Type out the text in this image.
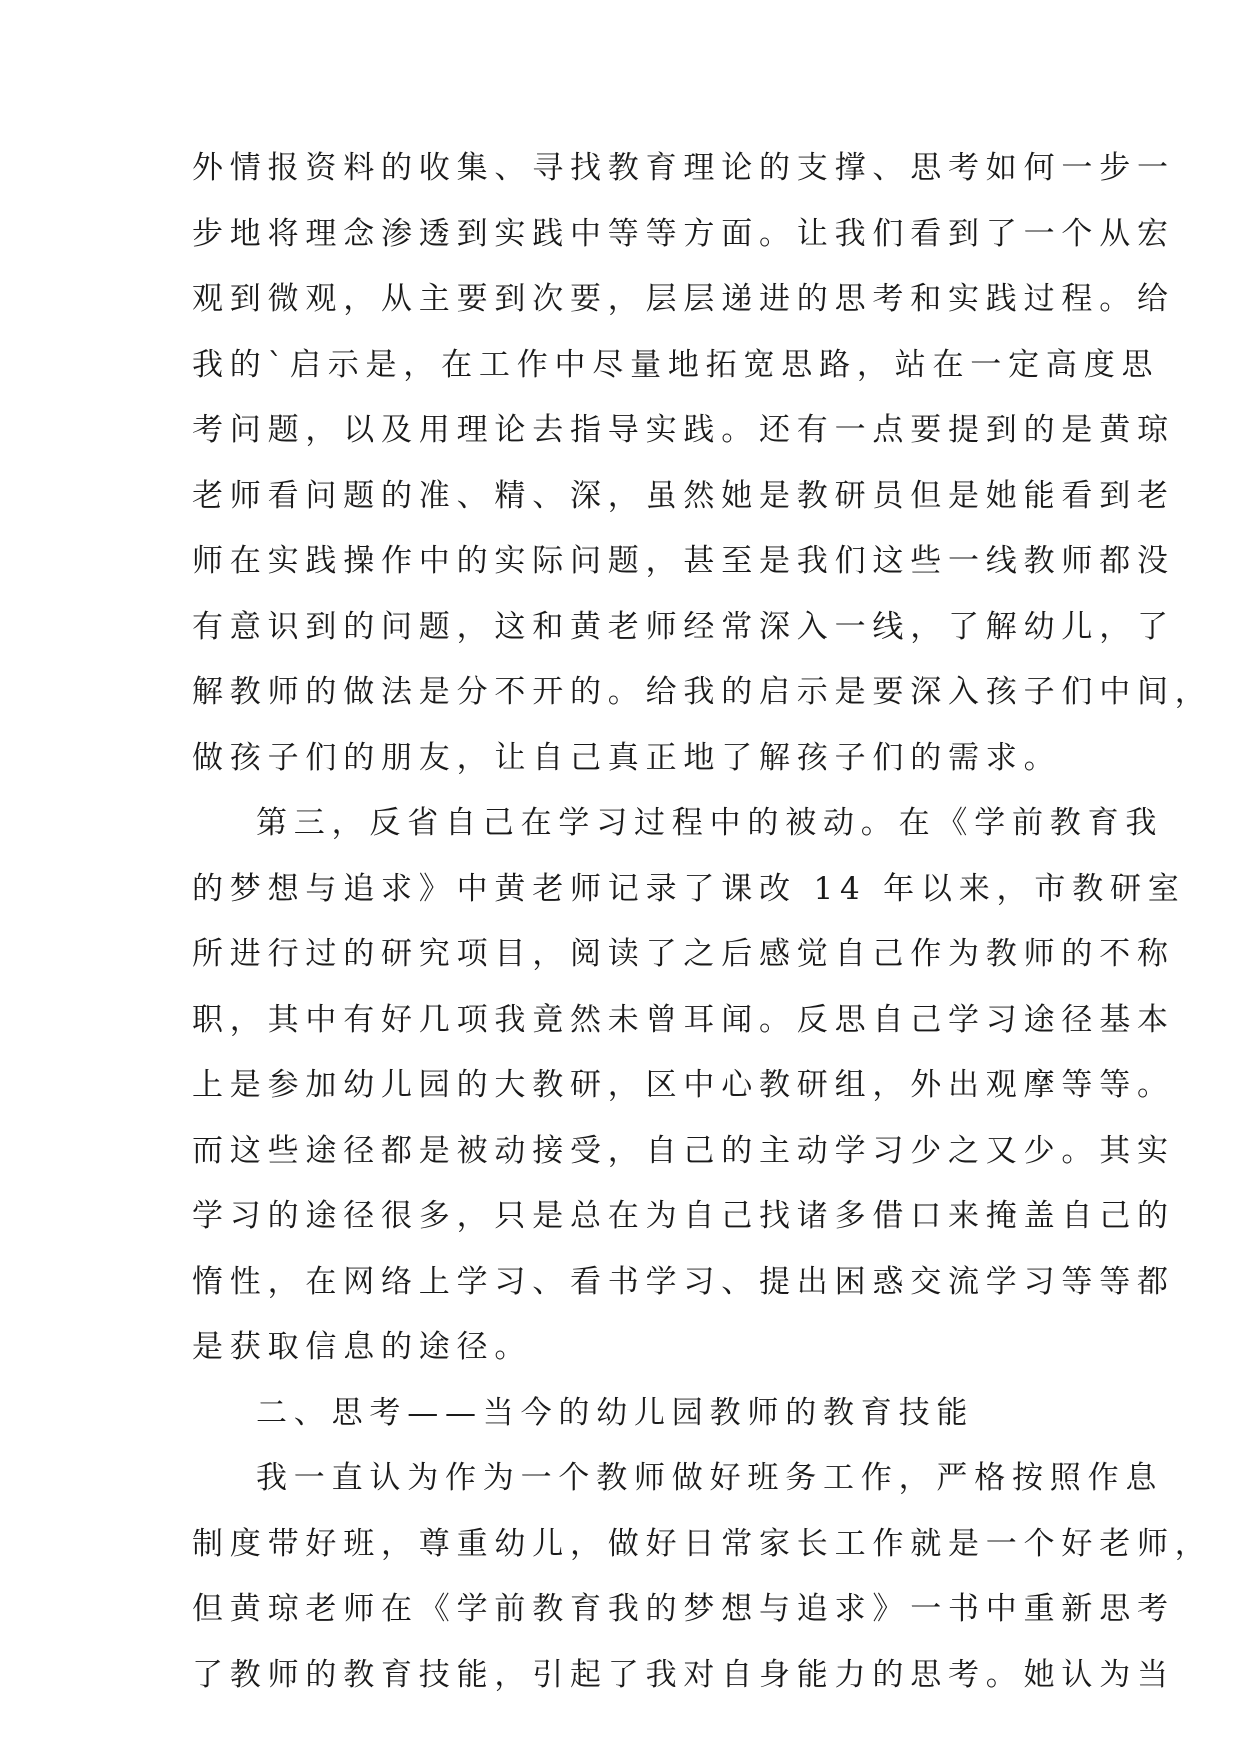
外情报资料的收集、寻找教育理论的支撑、思考如何一步一
步地将理念渗透到实践中等等方面。让我们看到了一个从宏
观到微观，从主要到次要，层层递进的思考和实践过程。给
我的`启示是，在工作中尽量地拓宽思路，站在一定高度思
考问题，以及用理论去指导实践。还有一点要提到的是黄琼
老师看问题的准、精、深，虽然她是教研员但是她能看到老
师在实践操作中的实际问题，甚至是我们这些一线教师都没
有意识到的问题，这和黄老师经常深入一线，了解幼儿，了
解教师的做法是分不开的。给我的启示是要深入孩子们中间，
做孩子们的朋友，让自己真正地了解孩子们的需求。
第三，反省自己在学习过程中的被动。在《学前教育我
的梦想与追求》中黄老师记录了课改 14 年以来，市教研室
所进行过的研究项目，阅读了之后感觉自己作为教师的不称
职，其中有好几项我竟然未曾耳闻。反思自己学习途径基本
上是参加幼儿园的大教研，区中心教研组，外出观摩等等。
而这些途径都是被动接受，自己的主动学习少之又少。其实
学习的途径很多，只是总在为自己找诸多借口来掩盖自己的
惰性，在网络上学习、看书学习、提出困惑交流学习等等都
是获取信息的途径。
二、思考——当今的幼儿园教师的教育技能
我一直认为作为一个教师做好班务工作，严格按照作息
制度带好班，尊重幼儿，做好日常家长工作就是一个好老师，
但黄琼老师在《学前教育我的梦想与追求》一书中重新思考
了教师的教育技能，引起了我对自身能力的思考。她认为当
